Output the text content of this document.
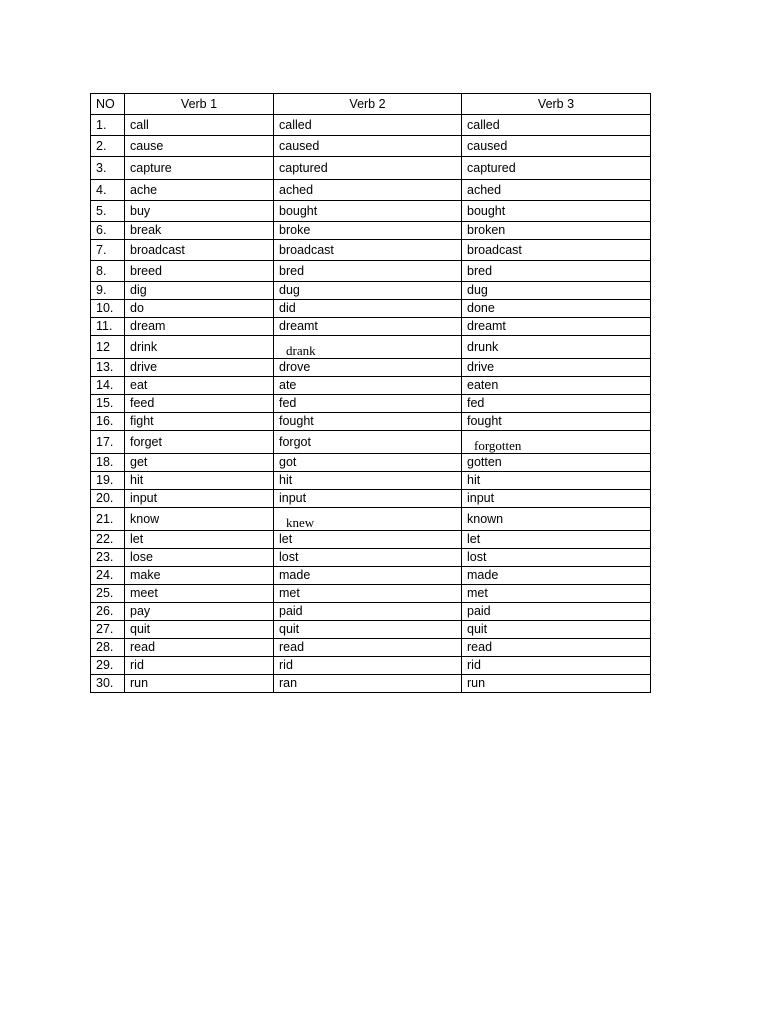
NO	Verb 1	Verb 2	Verb 3
1.	call	called	called
2.	cause	caused	caused
3.	capture	captured	captured
4.	ache	ached	ached
5.	buy	bought	bought
6.	break	broke	broken
7.	broadcast	broadcast	broadcast
8.	breed	bred	bred
9.	dig	dug	dug
10.	do	did	done
11.	dream	dreamt	dreamt
12	drink	drank	drunk
13.	drive	drove	drive
14.	eat	ate	eaten
15.	feed	fed	fed
16.	fight	fought	fought
17.	forget	forgot	forgotten
18.	get	got	gotten
19.	hit	hit	hit
20.	input	input	input
21.	know	knew	known
22.	let	let	let
23.	lose	lost	lost
24.	make	made	made
25.	meet	met	met
26.	pay	paid	paid
27.	quit	quit	quit
28.	read	read	read
29.	rid	rid	rid
30.	run	ran	run
